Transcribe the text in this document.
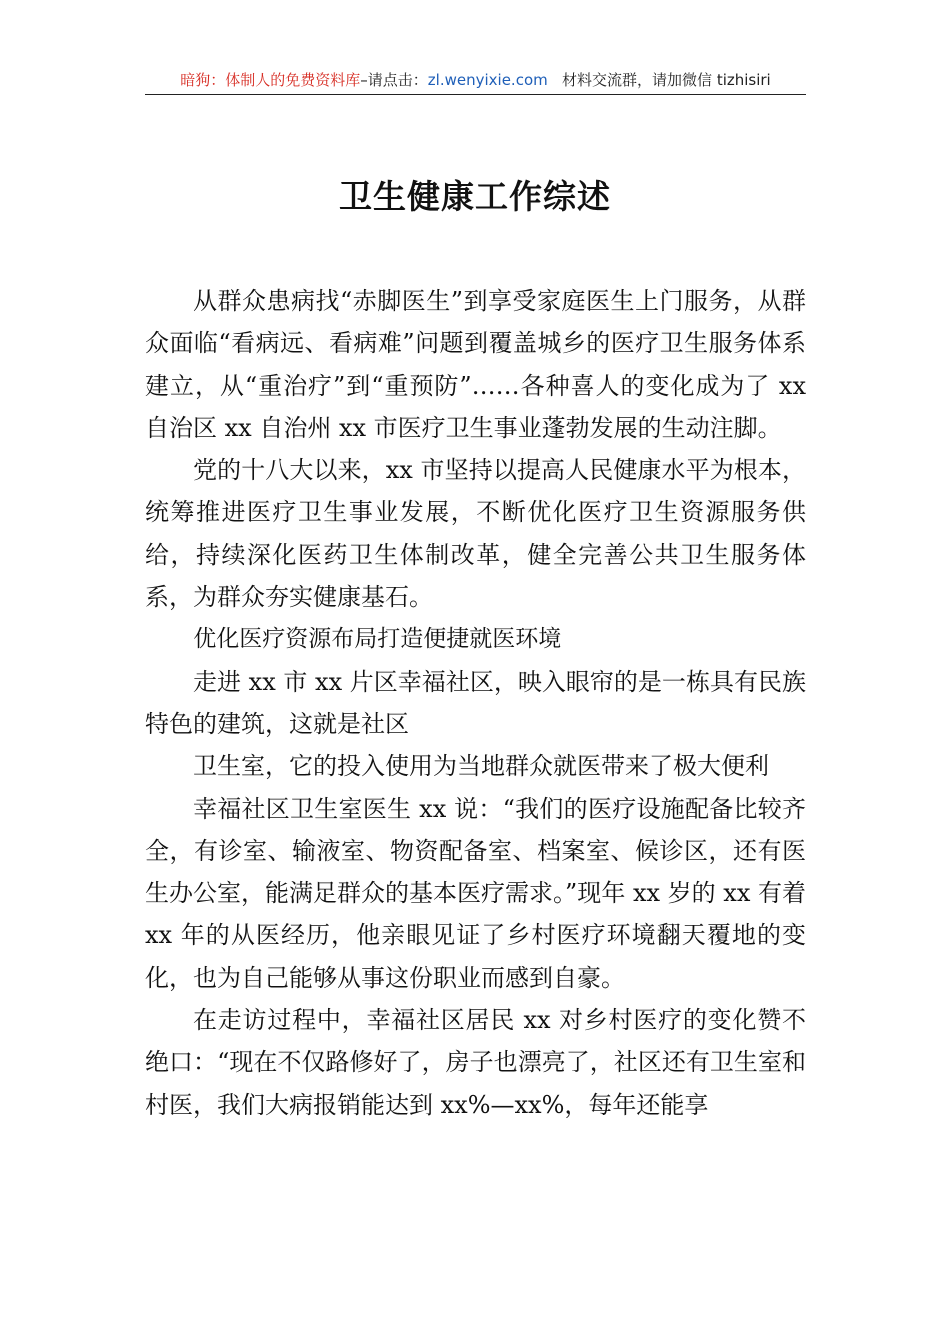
暗狗：体制人的免费资料库–请点击：zl.wenyixie.com 材料交流群，请加微信 tizhisiri
卫生健康工作综述

从群众患病找“赤脚医生”到享受家庭医生上门服务，从群众面临“看病远、看病难”问题到覆盖城乡的医疗卫生服务体系建立，从“重治疗”到“重预防”……各种喜人的变化成为了 xx 自治区 xx 自治州 xx 市医疗卫生事业蓬勃发展的生动注脚。

党的十八大以来，xx 市坚持以提高人民健康水平为根本，统筹推进医疗卫生事业发展，不断优化医疗卫生资源服务供给，持续深化医药卫生体制改革，健全完善公共卫生服务体系，为群众夯实健康基石。

优化医疗资源布局打造便捷就医环境

走进 xx 市 xx 片区幸福社区，映入眼帘的是一栋具有民族特色的建筑，这就是社区

卫生室，它的投入使用为当地群众就医带来了极大便利

幸福社区卫生室医生 xx 说：“我们的医疗设施配备比较齐全，有诊室、输液室、物资配备室、档案室、候诊区，还有医生办公室，能满足群众的基本医疗需求。”现年 xx 岁的 xx 有着 xx 年的从医经历，他亲眼见证了乡村医疗环境翻天覆地的变化，也为自己能够从事这份职业而感到自豪。

在走访过程中，幸福社区居民 xx 对乡村医疗的变化赞不绝口：“现在不仅路修好了，房子也漂亮了，社区还有卫生室和村医，我们大病报销能达到 xx%—xx%，每年还能享
